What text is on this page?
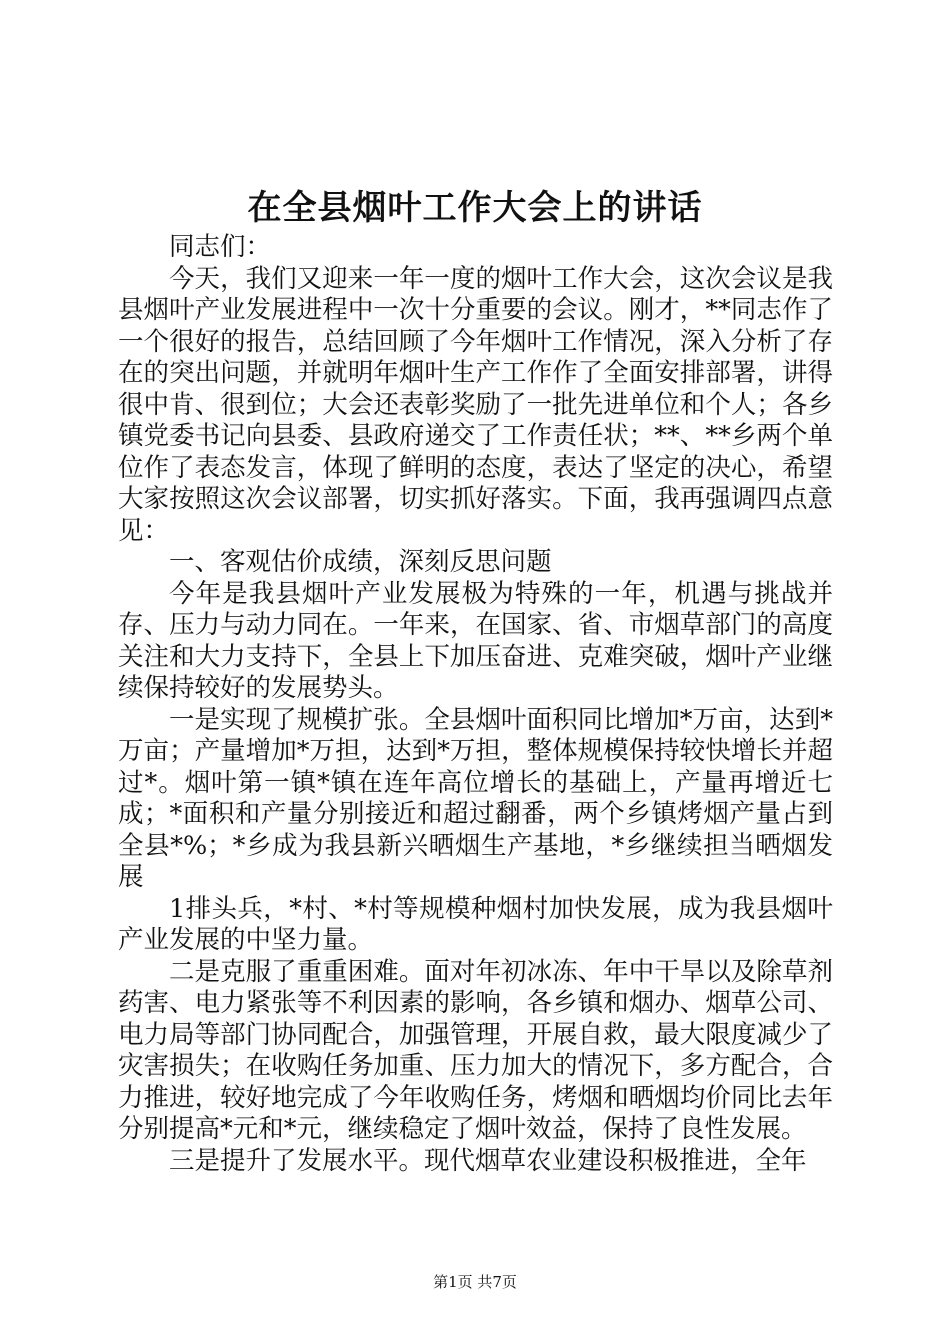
在全县烟叶工作大会上的讲话

同志们：

今天，我们又迎来一年一度的烟叶工作大会，这次会议是我县烟叶产业发展进程中一次十分重要的会议。刚才，**同志作了一个很好的报告，总结回顾了今年烟叶工作情况，深入分析了存在的突出问题，并就明年烟叶生产工作作了全面安排部署，讲得很中肯、很到位；大会还表彰奖励了一批先进单位和个人；各乡镇党委书记向县委、县政府递交了工作责任状；**、**乡两个单位作了表态发言，体现了鲜明的态度，表达了坚定的决心，希望大家按照这次会议部署，切实抓好落实。下面，我再强调四点意见：

一、客观估价成绩，深刻反思问题

今年是我县烟叶产业发展极为特殊的一年，机遇与挑战并存、压力与动力同在。一年来，在国家、省、市烟草部门的高度关注和大力支持下，全县上下加压奋进、克难突破，烟叶产业继续保持较好的发展势头。

一是实现了规模扩张。全县烟叶面积同比增加*万亩，达到*万亩；产量增加*万担，达到*万担，整体规模保持较快增长并超过*。烟叶第一镇*镇在连年高位增长的基础上，产量再增近七成；*面积和产量分别接近和超过翻番，两个乡镇烤烟产量占到全县*%；*乡成为我县新兴晒烟生产基地，*乡继续担当晒烟发展

1排头兵，*村、*村等规模种烟村加快发展，成为我县烟叶产业发展的中坚力量。

二是克服了重重困难。面对年初冰冻、年中干旱以及除草剂药害、电力紧张等不利因素的影响，各乡镇和烟办、烟草公司、电力局等部门协同配合，加强管理，开展自救，最大限度减少了灾害损失；在收购任务加重、压力加大的情况下，多方配合，合力推进，较好地完成了今年收购任务，烤烟和晒烟均价同比去年分别提高*元和*元，继续稳定了烟叶效益，保持了良性发展。

三是提升了发展水平。现代烟草农业建设积极推进，全年

第1页 共7页
